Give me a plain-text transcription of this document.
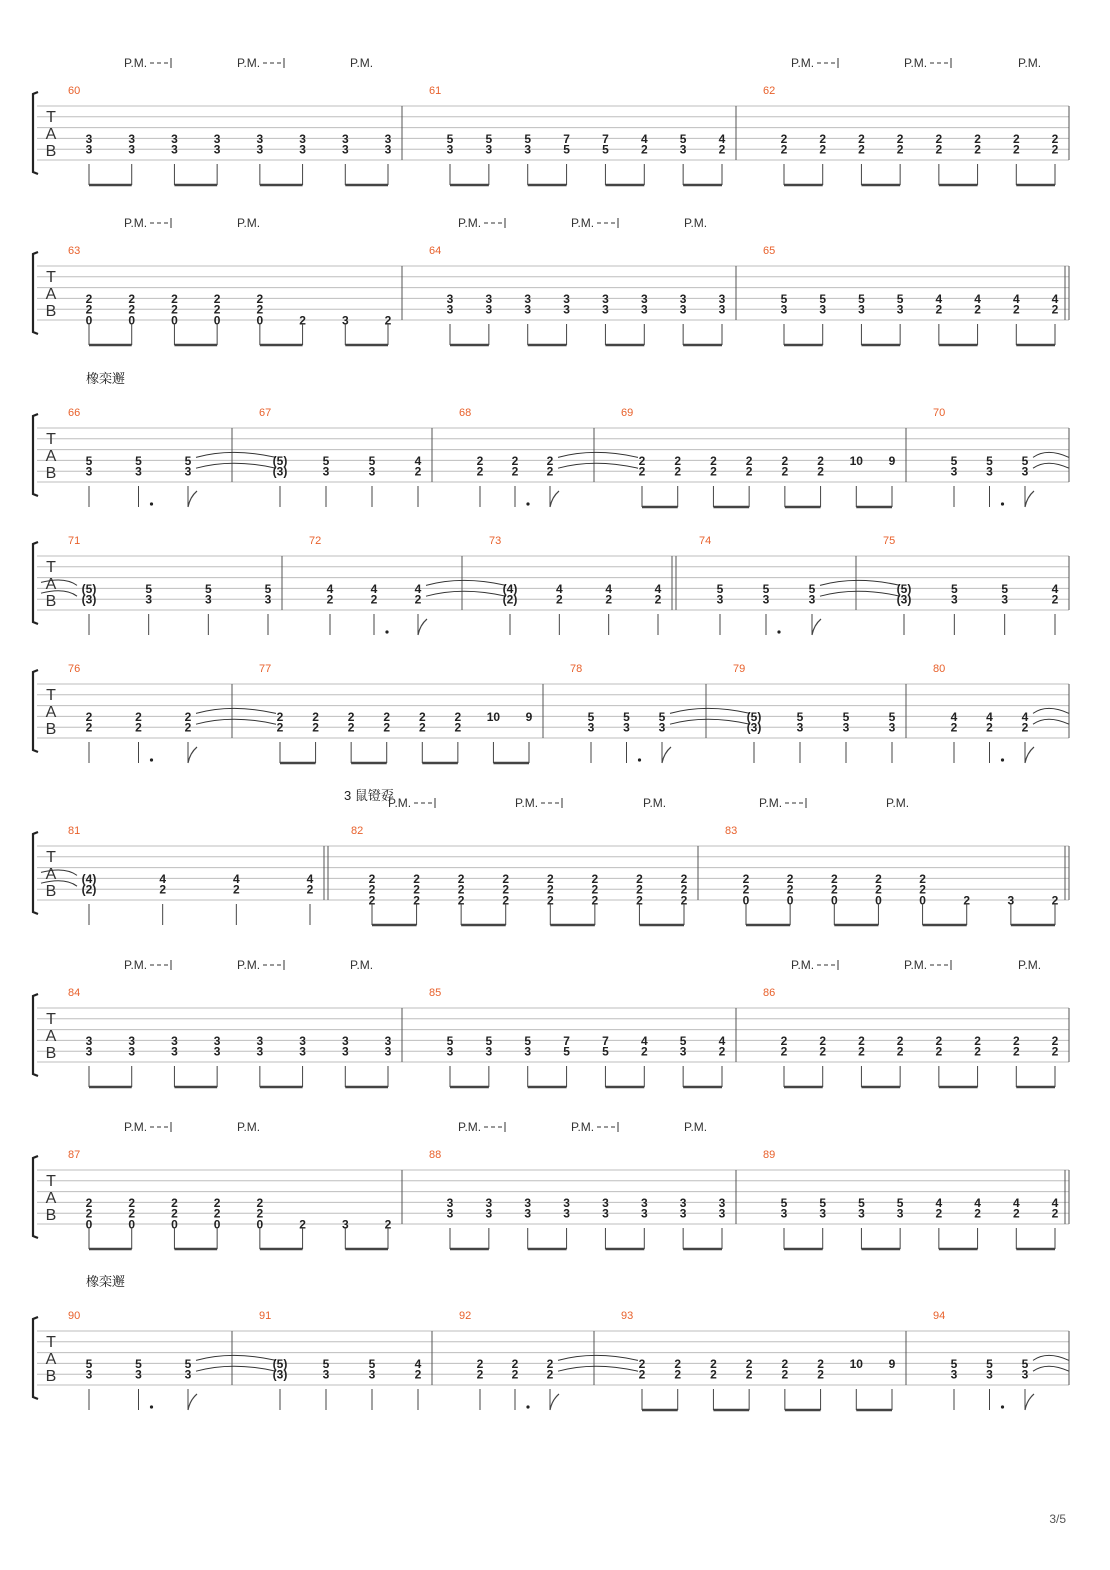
T
A
B
P.M.	P.M.	P.M.	P.M.	P.M.	P.M.
60
3
3
3
3
3
3
3
3
3
3
3
3
3
3
3
3
61
5
3
5
3
5
3
7
5
7
5
4
2
5
3
4
2
62
2
2
2
2
2
2
2
2
2
2
2
2
2
2
2
2
T
A
B
P.M.	P.M.	P.M.	P.M.	P.M.
63
2
2
0
2
2
0
2
2
0
2
2
0
2
2
0	2	3	2
64
3
3
3
3
3
3
3
3
3
3
3
3
3
3
3
3
65
5
3
5
3
5
3
5
3
4
2
4
2
4
2
4
2
T
A
B
橡栾邂
66
5
3
5
3
5
3
67
(5)
(3)
5
3
5
3
4
2
68
2
2
2
2
2
2
69
2
2
2
2
2
2
2
2
2
2
2
2
10 9
70
5
3
5
3
5
3
T
A
B
71
(5)
(3)
5
3
5
3
5
3
72
4
2
4
2
4
2
73
(4)
(2)
4
2
4
2
4
2
74
5
3
5
3
5
3
75
(5)
(3)
5
3
5
3
4
2
T
A
B
76
2
2
2
2
2
2
77
2
2
2
2
2
2
2
2
2
2
2
2
10 9
78
5
3
5
3
5
3
79
(5)
(3)
5
3
5
3
5
3
80
4
2
4
2
4
2
T
A
B
P.M.	P.M.	P.M.	P.M.	P.M.
3 鼠镫孬
81
(4)
(2)
4
2
4
2
4
2
82
2
2
2
2
2
2
2
2
2
2
2
2
2
2
2
2
2
2
2
2
2
2
2
2
83
2
2
0
2
2
0
2
2
0
2
2
0
2
2
0	2	3	2
T
A
B
P.M.	P.M.	P.M.	P.M.	P.M.	P.M.
84
3
3
3
3
3
3
3
3
3
3
3
3
3
3
3
3
85
5
3
5
3
5
3
7
5
7
5
4
2
5
3
4
2
86
2
2
2
2
2
2
2
2
2
2
2
2
2
2
2
2
T
A
B
P.M.	P.M.	P.M.	P.M.	P.M.
87
2
2
0
2
2
0
2
2
0
2
2
0
2
2
0	2	3	2
88
3
3
3
3
3
3
3
3
3
3
3
3
3
3
3
3
89
5
3
5
3
5
3
5
3
4
2
4
2
4
2
4
2
T
A
B
橡栾邂
90
5
3
5
3
5
3
91
(5)
(3)
5
3
5
3
4
2
92
2
2
2
2
2
2
93
2
2
2
2
2
2
2
2
2
2
2
2
10 9
94
5
3
5
3
5
3
3/5
